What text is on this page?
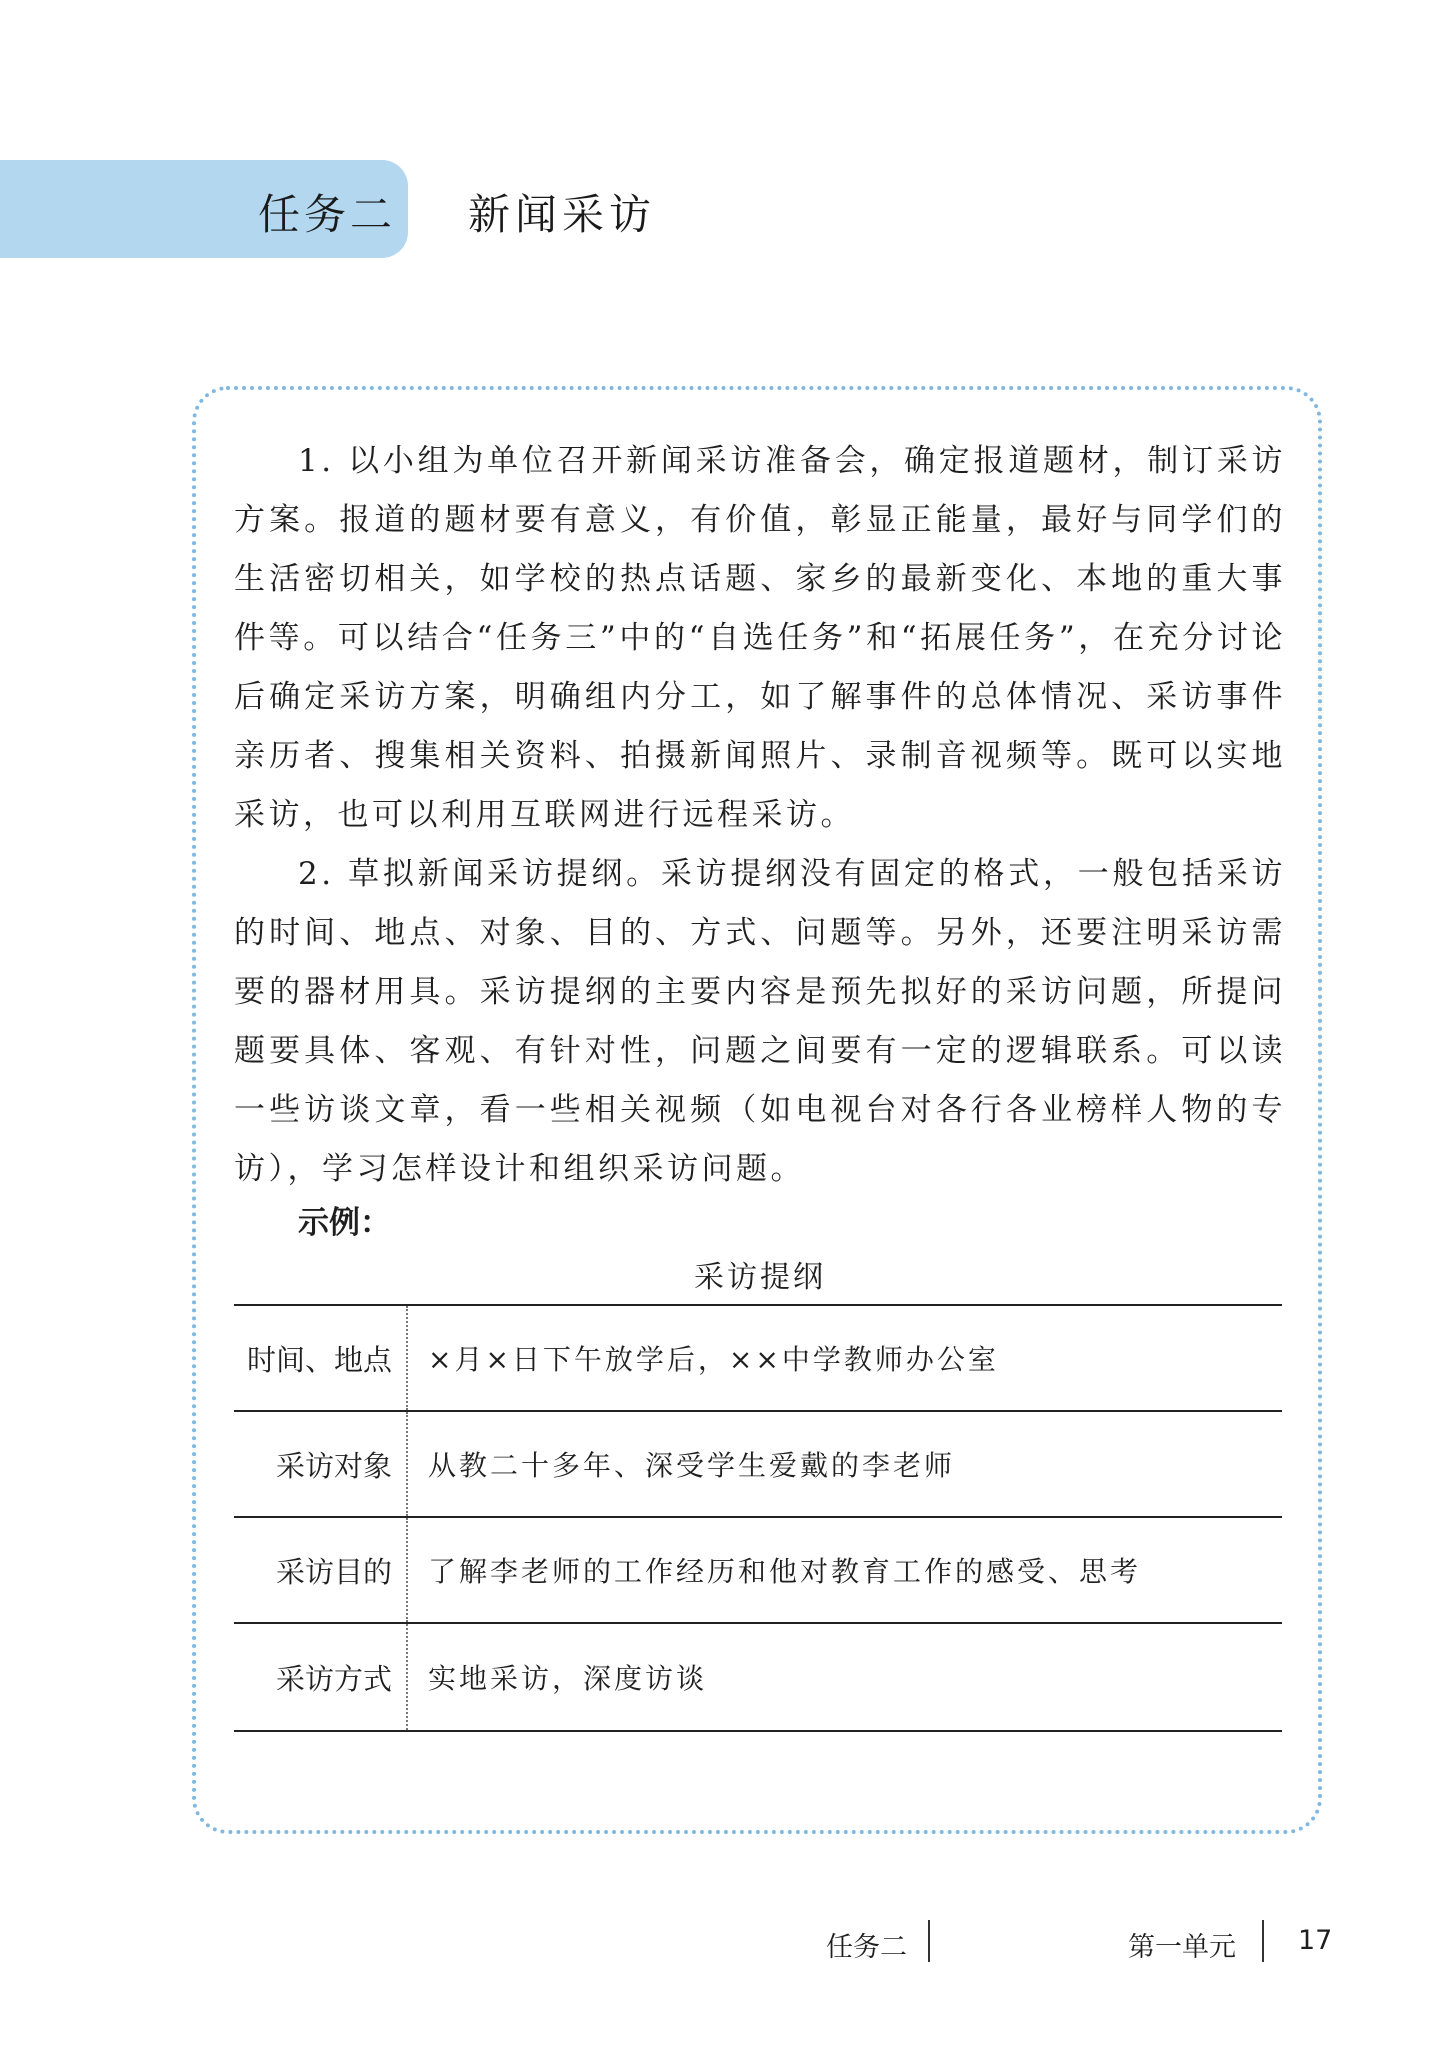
任务二 新闻采访

1. 以小组为单位召开新闻采访准备会，确定报道题材，制订采访方案。报道的题材要有意义，有价值，彰显正能量，最好与同学们的生活密切相关，如学校的热点话题、家乡的最新变化、本地的重大事件等。可以结合“任务三”中的“自选任务”和“拓展任务”，在充分讨论后确定采访方案，明确组内分工，如了解事件的总体情况、采访事件亲历者、搜集相关资料、拍摄新闻照片、录制音视频等。既可以实地采访，也可以利用互联网进行远程采访。

2. 草拟新闻采访提纲。采访提纲没有固定的格式，一般包括采访的时间、地点、对象、目的、方式、问题等。另外，还要注明采访需要的器材用具。采访提纲的主要内容是预先拟好的采访问题，所提问题要具体、客观、有针对性，问题之间要有一定的逻辑联系。可以读一些访谈文章，看一些相关视频（如电视台对各行各业榜样人物的专访），学习怎样设计和组织采访问题。

示例：
采访提纲
时间、地点	×月×日下午放学后，××中学教师办公室
采访对象	从教二十多年、深受学生爱戴的李老师
采访目的	了解李老师的工作经历和他对教育工作的感受、思考
采访方式	实地采访，深度访谈
任务二	第一单元 17
